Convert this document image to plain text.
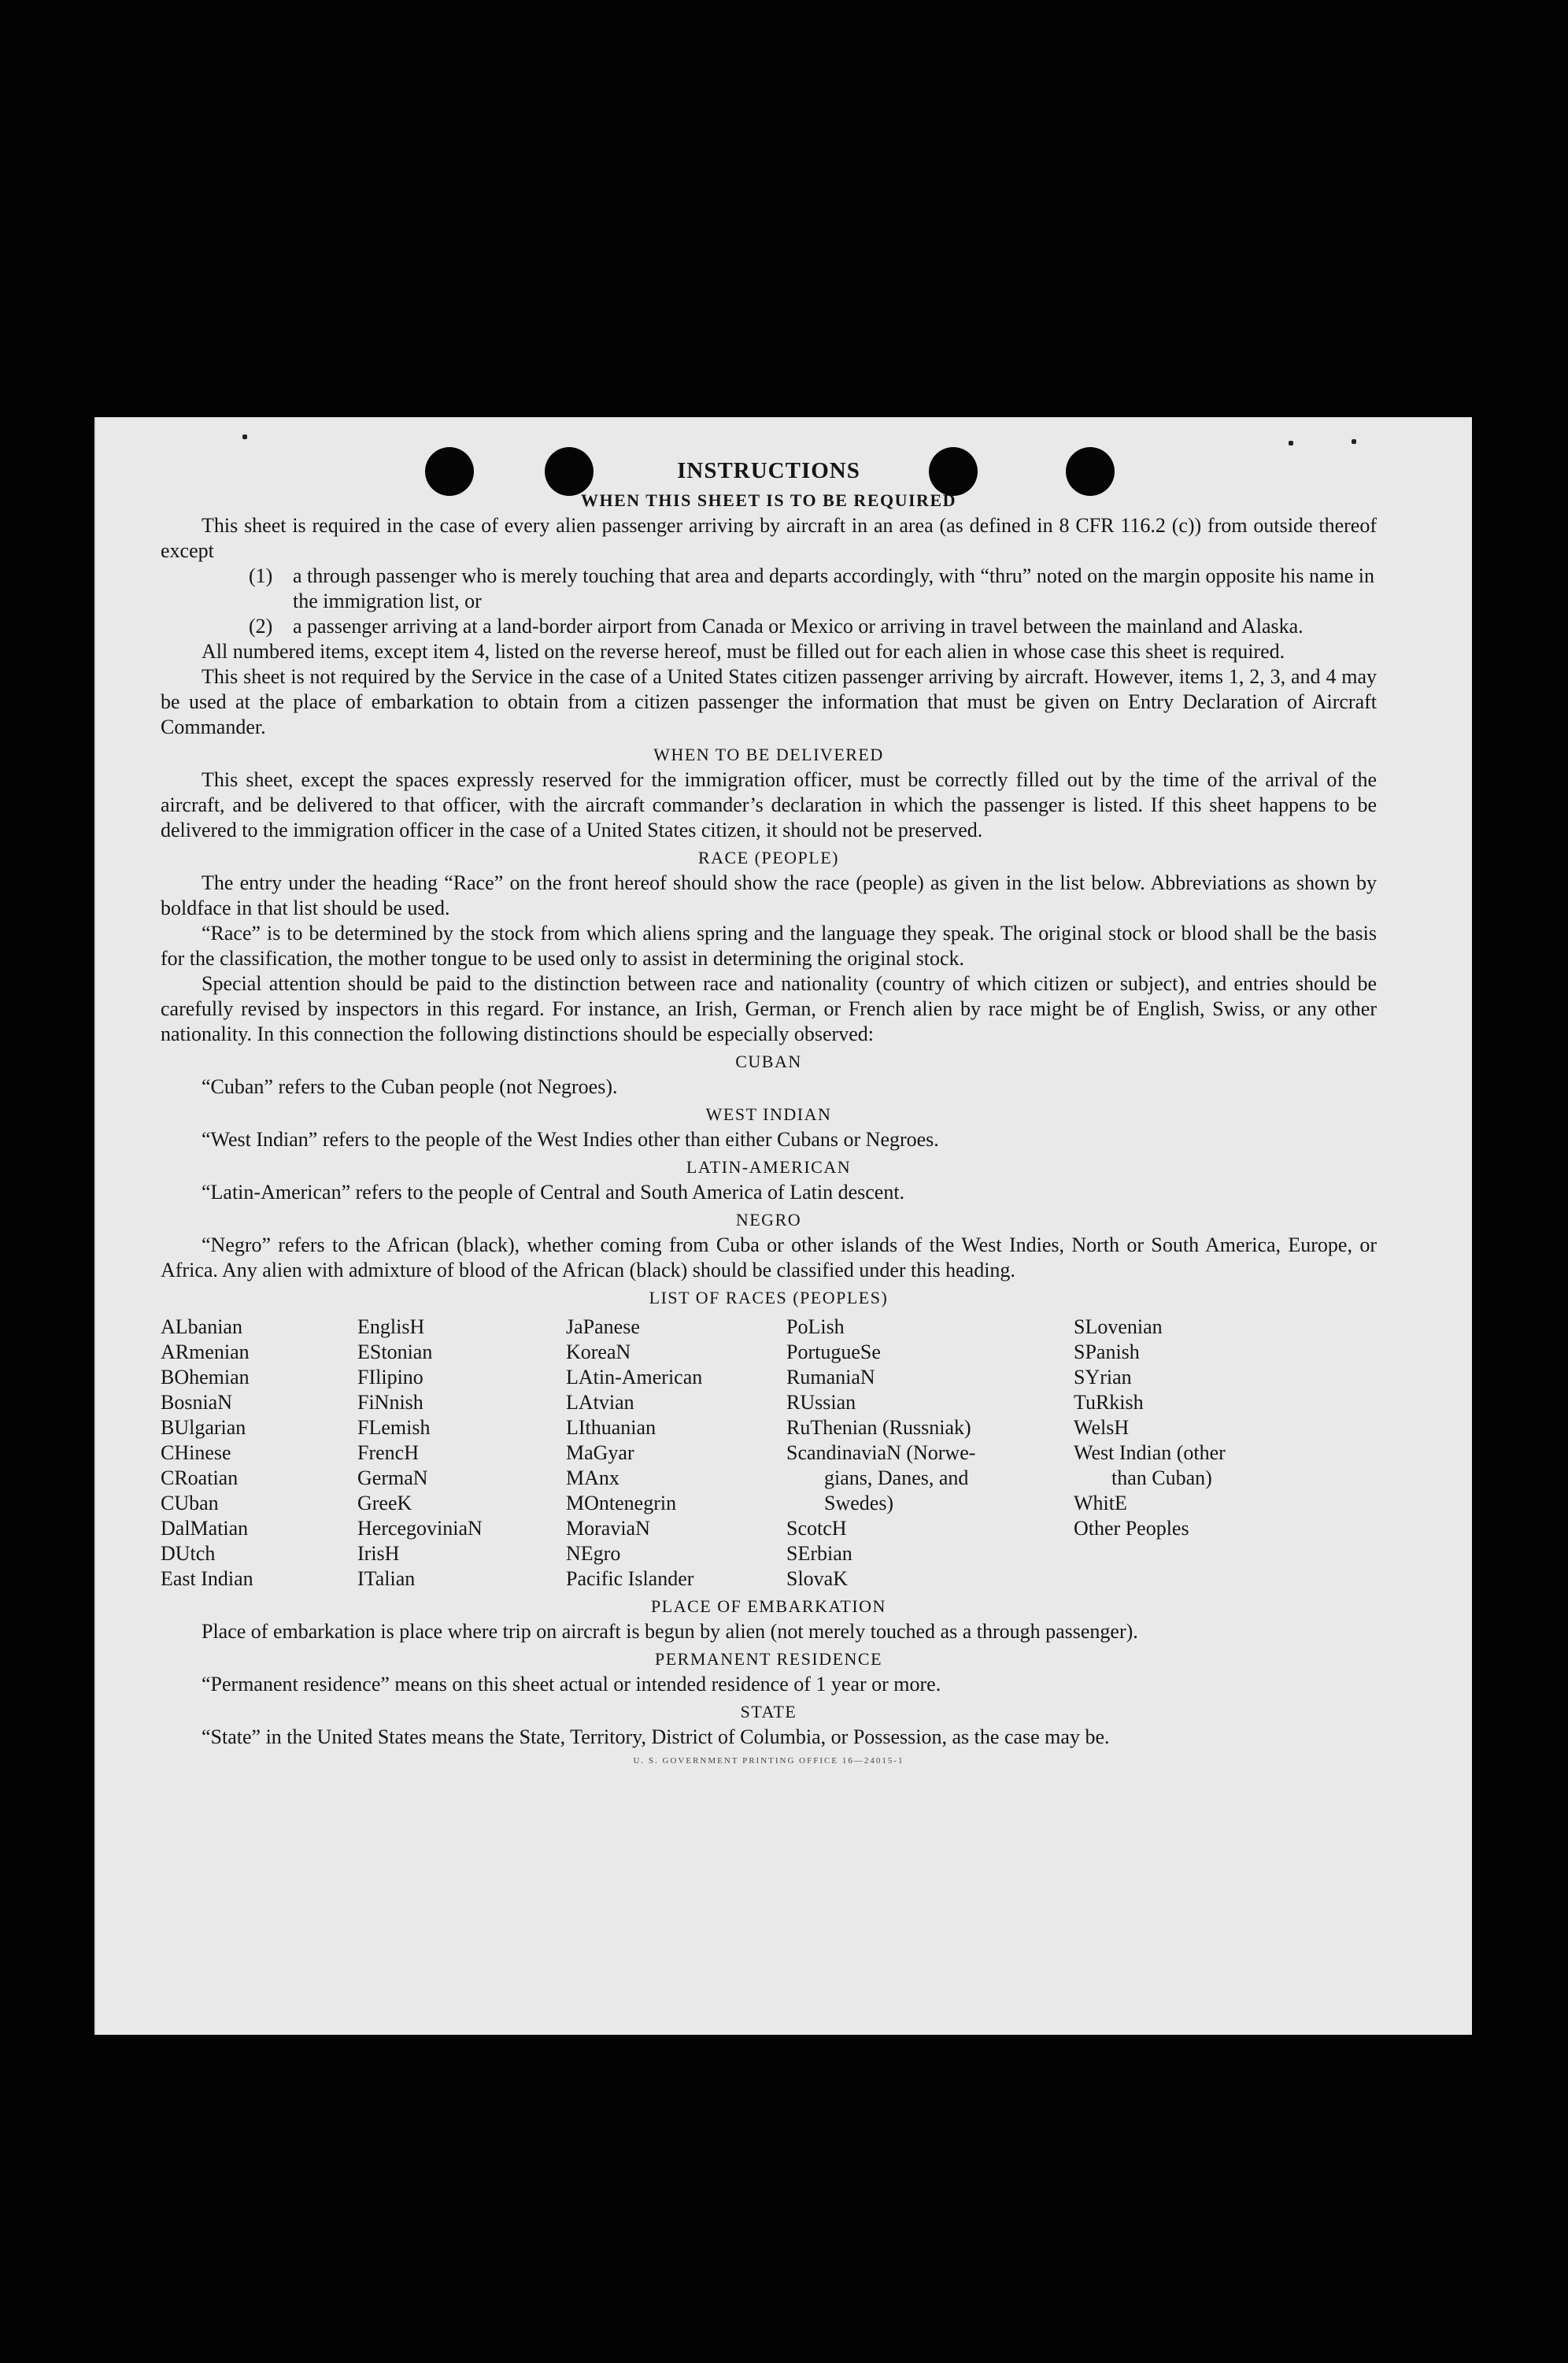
INSTRUCTIONS
WHEN THIS SHEET IS TO BE REQUIRED

This sheet is required in the case of every alien passenger arriving by aircraft in an area (as defined in 8 CFR 116.2 (c)) from outside thereof except

(1) a through passenger who is merely touching that area and departs accordingly, with “thru” noted on the margin opposite his name in the immigration list, or
(2) a passenger arriving at a land-border airport from Canada or Mexico or arriving in travel between the mainland and Alaska.

All numbered items, except item 4, listed on the reverse hereof, must be filled out for each alien in whose case this sheet is required.

This sheet is not required by the Service in the case of a United States citizen passenger arriving by aircraft. However, items 1, 2, 3, and 4 may be used at the place of embarkation to obtain from a citizen passenger the information that must be given on Entry Declaration of Aircraft Commander.

WHEN TO BE DELIVERED

This sheet, except the spaces expressly reserved for the immigration officer, must be correctly filled out by the time of the arrival of the aircraft, and be delivered to that officer, with the aircraft commander’s declaration in which the passenger is listed. If this sheet happens to be delivered to the immigration officer in the case of a United States citizen, it should not be preserved.

RACE (PEOPLE)

The entry under the heading “Race” on the front hereof should show the race (people) as given in the list below. Abbreviations as shown by boldface in that list should be used.

“Race” is to be determined by the stock from which aliens spring and the language they speak. The original stock or blood shall be the basis for the classification, the mother tongue to be used only to assist in determining the original stock.

Special attention should be paid to the distinction between race and nationality (country of which citizen or subject), and entries should be carefully revised by inspectors in this regard. For instance, an Irish, German, or French alien by race might be of English, Swiss, or any other nationality. In this connection the following distinctions should be especially observed:

CUBAN

“Cuban” refers to the Cuban people (not Negroes).

WEST INDIAN

“West Indian” refers to the people of the West Indies other than either Cubans or Negroes.

LATIN-AMERICAN

“Latin-American” refers to the people of Central and South America of Latin descent.

NEGRO

“Negro” refers to the African (black), whether coming from Cuba or other islands of the West Indies, North or South America, Europe, or Africa. Any alien with admixture of blood of the African (black) should be classified under this heading.

LIST OF RACES (PEOPLES)
ALbanian
ARmenian
BOhemian
BosniaN
BUlgarian
CHinese
CRoatian
CUban
DalMatian
DUtch
East Indian
EnglisH
EStonian
FIlipino
FiNnish
FLemish
FrencH
GermaN
GreeK
HercegoviniaN
IrisH
ITalian
JaPanese
KoreaN
LAtin-American
LAtvian
LIthuanian
MaGyar
MAnx
MOntenegrin
MoraviaN
NEgro
Pacific Islander
PoLish
PortugueSe
RumaniaN
RUssian
RuThenian (Russniak)
ScandinaviaN (Norwe-
gians, Danes, and
Swedes)
ScotcH
SErbian
SlovaK
SLovenian
SPanish
SYrian
TuRkish
WelsH
West Indian (other
than Cuban)
WhitE
Other Peoples
PLACE OF EMBARKATION

Place of embarkation is place where trip on aircraft is begun by alien (not merely touched as a through passenger).

PERMANENT RESIDENCE

“Permanent residence” means on this sheet actual or intended residence of 1 year or more.

STATE

“State” in the United States means the State, Territory, District of Columbia, or Possession, as the case may be.

U. S. GOVERNMENT PRINTING OFFICE 16—24015-1
